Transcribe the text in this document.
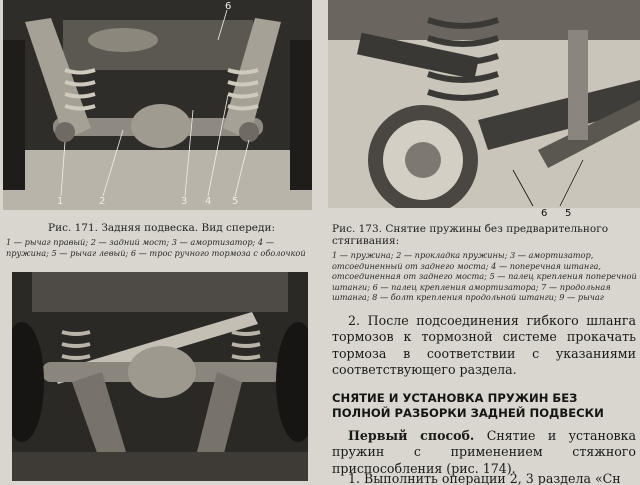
1	2	3 4 5
6
6 5
Рис. 171. Задняя подвеска. Вид спереди:
1 — рычаг правый; 2 — задний мост; 3 — амортизатор; 4 — пружина; 5 — рычаг левый; 6 — трос ручного тормоза с оболочкой
Рис. 173. Снятие пружины без предварительного стягивания:
1 — пружина; 2 — прокладка пружины; 3 — амортизатор, отсоединенный от заднего моста; 4 — поперечная штанга, отсоединенная от заднего моста; 5 — палец крепления поперечной штанги; 6 — палец крепления амортизатора; 7 — продольная штанга; 8 — болт крепления продольной штанги; 9 — рычаг
2. После подсоединения гибкого шланга тормозов к тормозной системе прокачать тормоза в соответствии с указаниями соответствующего раздела.
СНЯТИЕ И УСТАНОВКА ПРУЖИН БЕЗ ПОЛНОЙ РАЗБОРКИ ЗАДНЕЙ ПОДВЕСКИ
Первый способ. Снятие и установка пружин с применением стяжного приспособления (рис. 174).
1. Выполнить операции 2, 3 раздела «Сн
